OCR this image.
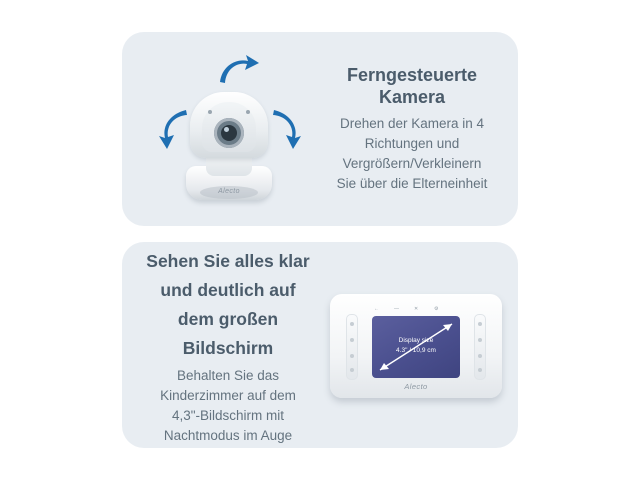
Alecto

Ferngesteuerte Kamera

Drehen der Kamera in 4

Richtungen und

Vergrößern/Verkleinern

Sie über die Elterneinheit

Sehen Sie alles klar

und deutlich auf

dem großen

Bildschirm

Behalten Sie das

Kinderzimmer auf dem

4,3"-Bildschirm mit

Nachtmodus im Auge

←	—	✕	⚙
Display size
4.3" / 10,9 cm
Alecto
